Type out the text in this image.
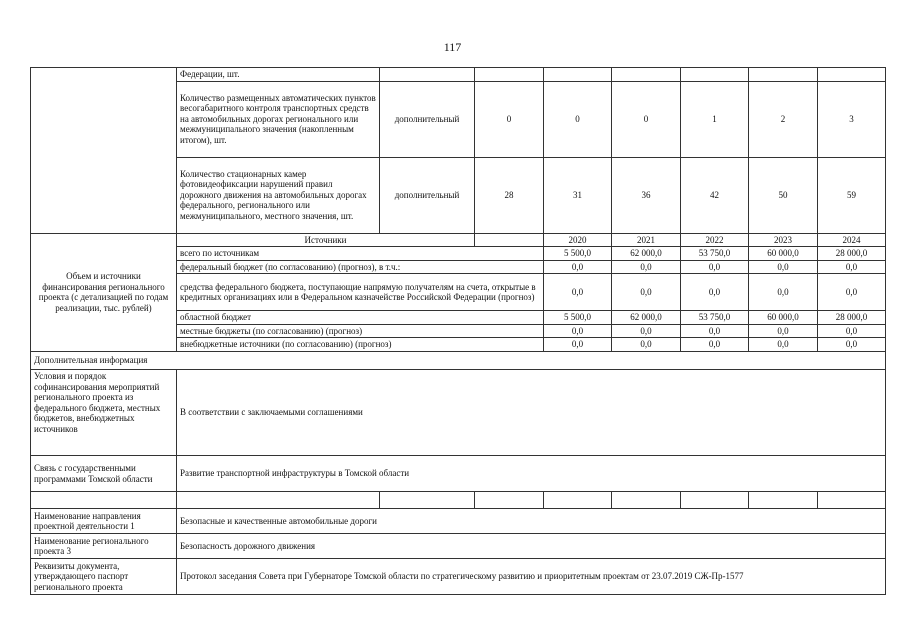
117
	Федерации, шт.							
	Количество размещенных автоматических пунктов весогабаритного контроля транспортных средств на автомобильных дорогах регионального или межмуниципального значения (накопленным итогом), шт.	дополнительный	0	0	0	1	2	3
	Количество стационарных камер фотовидеофиксации нарушений правил дорожного движения на автомобильных дорогах федерального, регионального или межмуниципального, местного значения, шт.	дополнительный	28	31	36	42	50	59
Объем и источники финансирования регионального проекта (с детализацией по годам реализации, тыс. рублей)	Источники			2020	2021	2022	2023	2024
	всего по источникам			5 500,0	62 000,0	53 750,0	60 000,0	28 000,0
	федеральный бюджет (по согласованию) (прогноз), в т.ч.:			0,0	0,0	0,0	0,0	0,0
	средства федерального бюджета, поступающие напрямую получателям на счета, открытые в кредитных организациях или в Федеральном казначействе Российской Федерации (прогноз)			0,0	0,0	0,0	0,0	0,0
	областной бюджет			5 500,0	62 000,0	53 750,0	60 000,0	28 000,0
	местные бюджеты (по согласованию) (прогноз)			0,0	0,0	0,0	0,0	0,0
	внебюджетные источники (по согласованию) (прогноз)			0,0	0,0	0,0	0,0	0,0
Дополнительная информация								
Условия и порядок софинансирования мероприятий регионального проекта из федерального бюджета, местных бюджетов, внебюджетных источников	В соответствии с заключаемыми соглашениями							
Связь с государственными программами Томской области	Развитие транспортной инфраструктуры в Томской области							

Наименование направления проектной деятельности 1	Безопасные и качественные автомобильные дороги							
Наименование регионального проекта 3	Безопасность дорожного движения							
Реквизиты документа, утверждающего паспорт регионального проекта	Протокол заседания Совета при Губернаторе Томской области по стратегическому развитию и приоритетным проектам от 23.07.2019 СЖ-Пр-1577							
